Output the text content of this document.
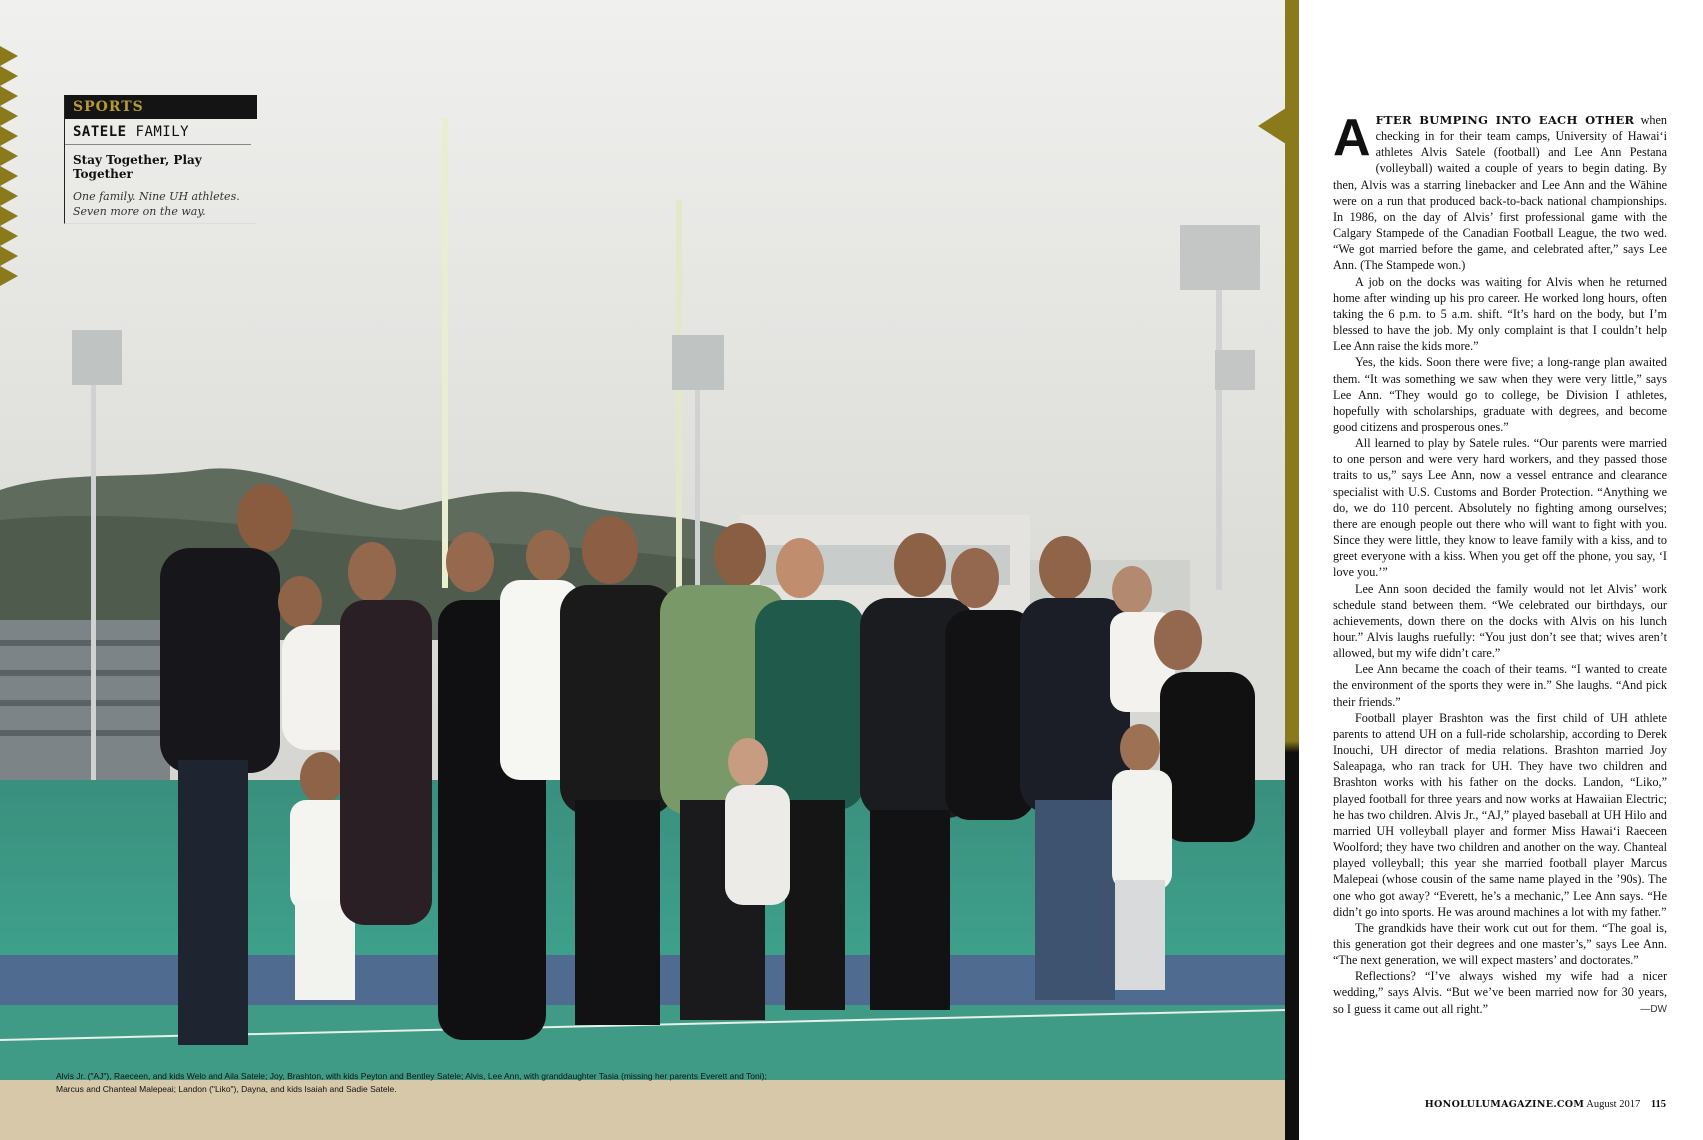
SPORTS
SATELE FAMILY
Stay Together, Play Together
One family. Nine UH athletes.
Seven more on the way.
Alvis Jr. ("AJ"), Raeceen, and kids Welo and Aila Satele; Joy, Brashton, with kids Peyton and Bentley Satele; Alvis, Lee Ann, with granddaughter Tasia (missing her parents Everett and Toni);
Marcus and Chanteal Malepeai; Landon ("Liko"), Dayna, and kids Isaiah and Sadie Satele.

AFTER BUMPING INTO EACH OTHER when checking in for their team camps, University of Hawai‘i athletes Alvis Satele (football) and Lee Ann Pestana (volleyball) waited a couple of years to begin dating. By then, Alvis was a starring linebacker and Lee Ann and the Wāhine were on a run that produced back-to-back national championships. In 1986, on the day of Alvis’ first professional game with the Calgary Stampede of the Canadian Football League, the two wed. “We got married before the game, and celebrated after,” says Lee Ann. (The Stampede won.)

A job on the docks was waiting for Alvis when he returned home after winding up his pro career. He worked long hours, often taking the 6 p.m. to 5 a.m. shift. “It’s hard on the body, but I’m blessed to have the job. My only complaint is that I couldn’t help Lee Ann raise the kids more.”

Yes, the kids. Soon there were five; a long-range plan awaited them. “It was something we saw when they were very little,” says Lee Ann. “They would go to college, be Division I athletes, hopefully with scholarships, graduate with degrees, and become good citizens and prosperous ones.”

All learned to play by Satele rules. “Our parents were married to one person and were very hard workers, and they passed those traits to us,” says Lee Ann, now a vessel entrance and clearance specialist with U.S. Customs and Border Protection. “Anything we do, we do 110 percent. Absolutely no fighting among ourselves; there are enough people out there who will want to fight with you. Since they were little, they know to leave family with a kiss, and to greet everyone with a kiss. When you get off the phone, you say, ‘I love you.’”

Lee Ann soon decided the family would not let Alvis’ work schedule stand between them. “We celebrated our birthdays, our achievements, down there on the docks with Alvis on his lunch hour.” Alvis laughs ruefully: “You just don’t see that; wives aren’t allowed, but my wife didn’t care.”

Lee Ann became the coach of their teams. “I wanted to create the environment of the sports they were in.” She laughs. “And pick their friends.”

Football player Brashton was the first child of UH athlete parents to attend UH on a full-ride scholarship, according to Derek Inouchi, UH director of media relations. Brashton married Joy Saleapaga, who ran track for UH. They have two children and Brashton works with his father on the docks. Landon, “Liko,” played football for three years and now works at Hawaiian Electric; he has two children. Alvis Jr., “AJ,” played baseball at UH Hilo and married UH volleyball player and former Miss Hawai‘i Raeceen Woolford; they have two children and another on the way. Chanteal played volleyball; this year she married football player Marcus Malepeai (whose cousin of the same name played in the ’90s). The one who got away? “Everett, he’s a mechanic,” Lee Ann says. “He didn’t go into sports. He was around machines a lot with my father.”

The grandkids have their work cut out for them. “The goal is, this generation got their degrees and one master’s,” says Lee Ann. “The next generation, we will expect masters’ and doctorates.”

Reflections? “I’ve always wished my wife had a nicer wedding,” says Alvis. “But we’ve been married now for 30 years, so I guess it came out all right.”	—DW
HONOLULUMAGAZINE.COM August 2017 115
